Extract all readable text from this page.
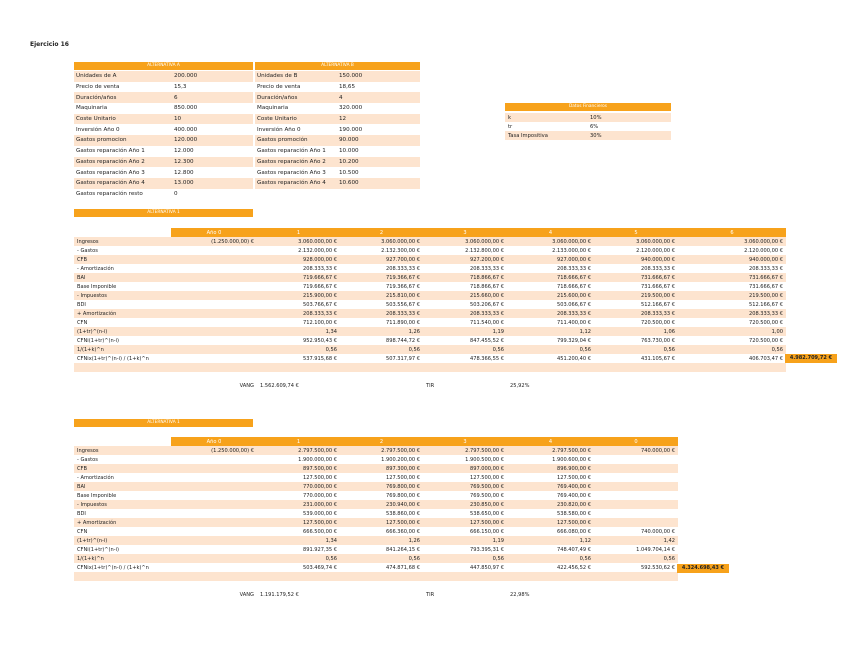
Ejercicio 16
ALTERNATIVA A
Unidades de A	200.000
Precio de venta	15,3
Duración/años	6
Maquinaria	850.000
Coste Unitario	10
Inversión Año 0	400.000
Gastos promocion	120.000
Gastos reparación Año 1	12.000
Gastos reparación Año 2	12.300
Gastos reparación Año 3	12.800
Gastos reparación Año 4	13.000
Gastos reparación resto	0
ALTERNATIVA B
Unidades de B	150.000
Precio de venta	18,65
Duración/años	4
Maquinaria	320.000
Coste Unitario	12
Inversión Año 0	190.000
Gastos promoción	90.000
Gastos reparación Año 1	10.000
Gastos reparación Año 2	10.200
Gastos reparación Año 3	10.500
Gastos reparación Año 4	10.600
Datos Financieros
k	10%
tr	6%
Tasa Impositiva	30%
ALTERNATIVA 1
	Año 0	1	2	3	4	5	6
Ingresos	(1.250.000,00) €	3.060.000,00 €	3.060.000,00 €	3.060.000,00 €	3.060.000,00 €	3.060.000,00 €	3.060.000,00 €
- Gastos		2.132.000,00 €	2.132.300,00 €	2.132.800,00 €	2.133.000,00 €	2.120.000,00 €	2.120.000,00 €
CFB		928.000,00 €	927.700,00 €	927.200,00 €	927.000,00 €	940.000,00 €	940.000,00 €
- Amortización		208.333,33 €	208.333,33 €	208.333,33 €	208.333,33 €	208.333,33 €	208.333,33 €
BAI		719.666,67 €	719.366,67 €	718.866,67 €	718.666,67 €	731.666,67 €	731.666,67 €
Base Imponible		719.666,67 €	719.366,67 €	718.866,67 €	718.666,67 €	731.666,67 €	731.666,67 €
- Impuestos		215.900,00 €	215.810,00 €	215.660,00 €	215.600,00 €	219.500,00 €	219.500,00 €
BDI		503.766,67 €	503.556,67 €	503.206,67 €	503.066,67 €	512.166,67 €	512.166,67 €
+ Amortización		208.333,33 €	208.333,33 €	208.333,33 €	208.333,33 €	208.333,33 €	208.333,33 €
CFN		712.100,00 €	711.890,00 €	711.540,00 €	711.400,00 €	720.500,00 €	720.500,00 €
(1+tr)^(n-i)		1,34	1,26	1,19	1,12	1,06	1,00
CFNi(1+tr)^(n-i)		952.950,43 €	898.744,72 €	847.455,52 €	799.329,04 €	763.730,00 €	720.500,00 €
1/(1+k)^n		0,56	0,56	0,56	0,56	0,56	0,56
CFNix(1+tr)^(n-i) / (1+k)^n		537.915,68 €	507.317,97 €	478.366,55 €	451.200,40 €	431.105,67 €	406.703,47 €

	VANG	1.562.609,74 €		TIR	25,92%		
4.982.709,72 €
ALTERNATIVA 1
	Año 0	1	2	3	4	0
Ingresos	(1.250.000,00) €	2.797.500,00 €	2.797.500,00 €	2.797.500,00 €	2.797.500,00 €	740.000,00 €
- Gastos		1.900.000,00 €	1.900.200,00 €	1.900.500,00 €	1.900.600,00 €	
CFB		897.500,00 €	897.300,00 €	897.000,00 €	896.900,00 €	
- Amortización		127.500,00 €	127.500,00 €	127.500,00 €	127.500,00 €	
BAI		770.000,00 €	769.800,00 €	769.500,00 €	769.400,00 €	
Base Imponible		770.000,00 €	769.800,00 €	769.500,00 €	769.400,00 €	
- Impuestos		231.000,00 €	230.940,00 €	230.850,00 €	230.820,00 €	
BDI		539.000,00 €	538.860,00 €	538.650,00 €	538.580,00 €	
+ Amortización		127.500,00 €	127.500,00 €	127.500,00 €	127.500,00 €	
CFN		666.500,00 €	666.360,00 €	666.150,00 €	666.080,00 €	740.000,00 €
(1+tr)^(n-i)		1,34	1,26	1,19	1,12	1,42
CFNi(1+tr)^(n-i)		891.927,35 €	841.264,15 €	793.395,31 €	748.407,49 €	1.049.704,14 €
1/(1+k)^n		0,56	0,56	0,56	0,56	0,56
CFNix(1+tr)^(n-i) / (1+k)^n		503.469,74 €	474.871,68 €	447.850,97 €	422.456,52 €	592.530,62 €

	VANG	1.191.179,52 €		TIR	22,98%	
4.324.698,43 €
